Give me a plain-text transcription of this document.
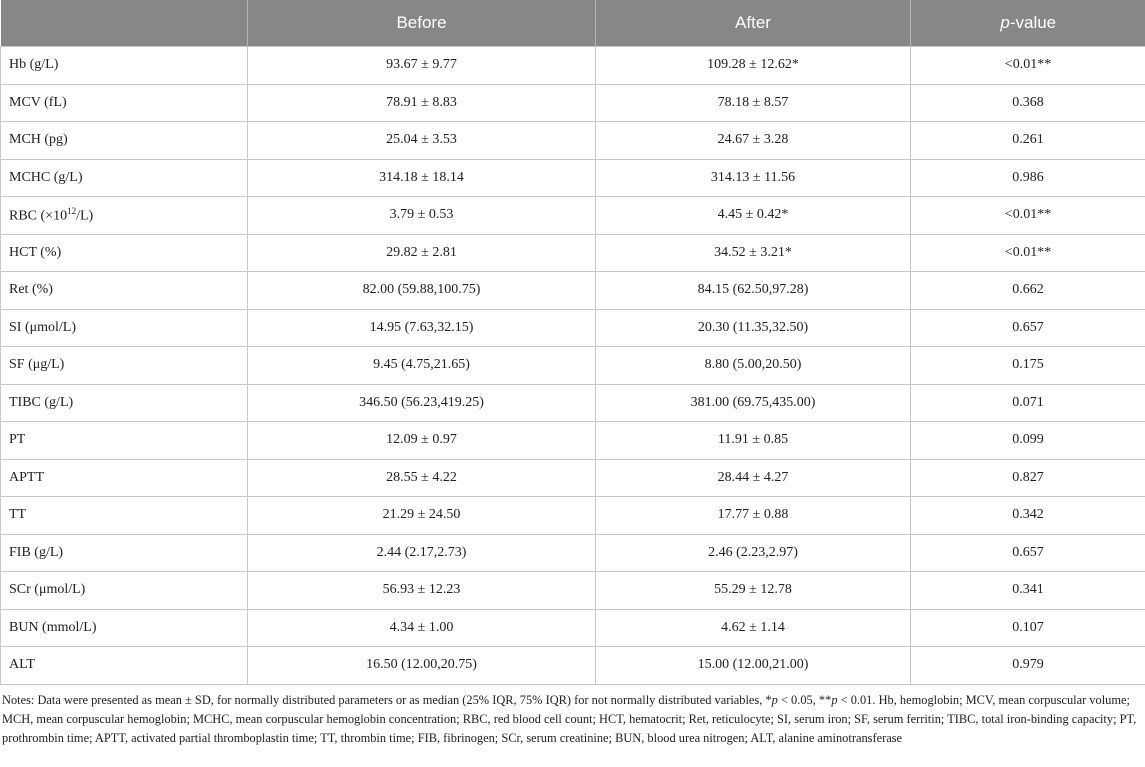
	Before	After	p-value
Hb (g/L)	93.67 ± 9.77	109.28 ± 12.62*	<0.01**
MCV (fL)	78.91 ± 8.83	78.18 ± 8.57	0.368
MCH (pg)	25.04 ± 3.53	24.67 ± 3.28	0.261
MCHC (g/L)	314.18 ± 18.14	314.13 ± 11.56	0.986
RBC $(\times 10^{12}/L)$	3.79 ± 0.53	4.45 ± 0.42*	<0.01**
HCT (%)	29.82 ± 2.81	34.52 ± 3.21*	<0.01**
Ret (%)	82.00 (59.88,100.75)	84.15 (62.50,97.28)	0.662
SI (μmol/L)	14.95 (7.63,32.15)	20.30 (11.35,32.50)	0.657
SF (μg/L)	9.45 (4.75,21.65)	8.80 (5.00,20.50)	0.175
TIBC (g/L)	346.50 (56.23,419.25)	381.00 (69.75,435.00)	0.071
PT	12.09 ± 0.97	11.91 ± 0.85	0.099
APTT	28.55 ± 4.22	28.44 ± 4.27	0.827
TT	21.29 ± 24.50	17.77 ± 0.88	0.342
FIB (g/L)	2.44 (2.17,2.73)	2.46 (2.23,2.97)	0.657
SCr (μmol/L)	56.93 ± 12.23	55.29 ± 12.78	0.341
BUN (mmol/L)	4.34 ± 1.00	4.62 ± 1.14	0.107
ALT	16.50 (12.00,20.75)	15.00 (12.00,21.00)	0.979

Notes: Data were presented as mean ± SD, for normally distributed parameters or as median (25% IQR, 75% IQR) for not normally distributed variables, *p < 0.05, **p < 0.01. Hb, hemoglobin; MCV, mean corpuscular volume; MCH, mean corpuscular hemoglobin; MCHC, mean corpuscular hemoglobin concentration; RBC, red blood cell count; HCT, hematocrit; Ret, reticulocyte; SI, serum iron; SF, serum ferritin; TIBC, total iron-binding capacity; PT, prothrombin time; APTT, activated partial thromboplastin time; TT, thrombin time; FIB, fibrinogen; SCr, serum creatinine; BUN, blood urea nitrogen; ALT, alanine aminotransferase
